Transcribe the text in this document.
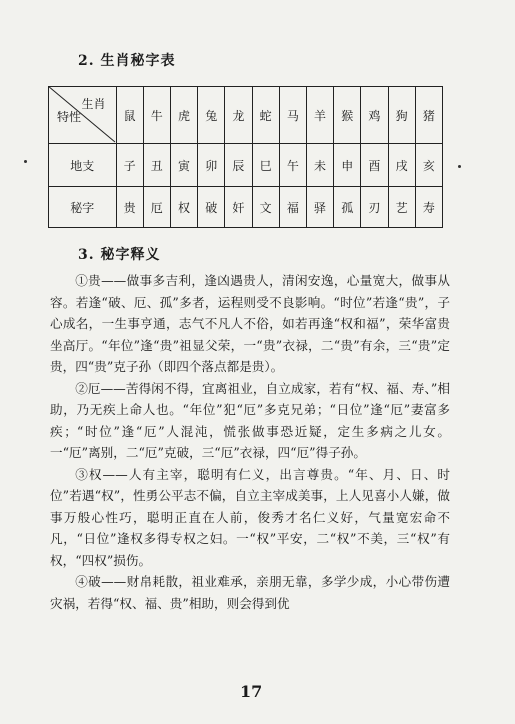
2. 生肖秘字表
生肖
特性	鼠	牛	虎	兔	龙	蛇	马	羊	猴	鸡	狗	猪
地支	子	丑	寅	卯	辰	巳	午	未	申	酉	戌	亥
秘字	贵	厄	权	破	奸	文	福	驿	孤	刃	艺	寿
3. 秘字释义

①贵——做事多吉利，逢凶遇贵人，清闲安逸，心量宽大，做事从容。若逢“破、厄、孤”多者，运程则受不良影响。“时位”若逢“贵”，子心成名，一生事亨通，志气不凡人不俗，如若再逢“权和福”，荣华富贵坐高厅。“年位”逢“贵”祖显父荣，一“贵”衣禄，二“贵”有余，三“贵”定贵，四“贵”克子孙（即四个落点都是贵）。

②厄——苦得闲不得，宜离祖业，自立成家，若有“权、福、寿、”相助，乃无疾上命人也。“年位”犯“厄”多克兄弟；“日位”逢“厄”妻富多疾；“时位”逢“厄”人混沌，慌张做事恐近疑，定生多病之儿女。一“厄”离别，二“厄”克破，三“厄”衣禄，四“厄”得子孙。

③权——人有主宰，聪明有仁义，出言尊贵。“年、月、日、时位”若遇“权”，性勇公平志不偏，自立主宰成美事，上人见喜小人嫌，做事万般心性巧，聪明正直在人前，俊秀才名仁义好，气量宽宏命不凡，“日位”逢权多得专权之妇。一“权”平安，二“权”不美，三“权”有权，“四权”损伤。

④破——财帛耗散，祖业难承，亲朋无靠，多学少成，小心带伤遭灾祸，若得“权、福、贵”相助，则会得到优

17
